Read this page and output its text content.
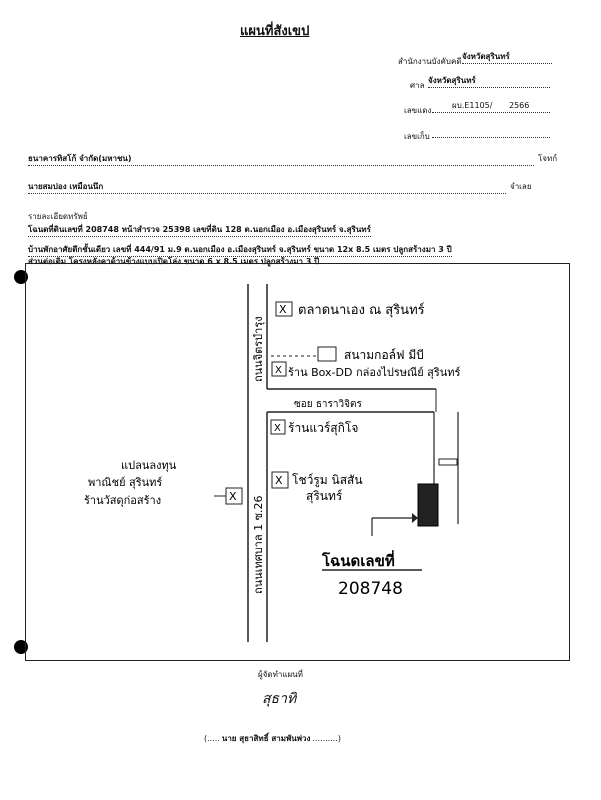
แผนที่สังเขป
สำนักงานบังคับคดี
จังหวัดสุรินทร์
ศาล
จังหวัดสุรินทร์
เลขแดง
ผบ.E1105/ 2566
เลขเก็บ
ธนาคารทิสโก้ จำกัด(มหาชน)	โจทก์
นายสมปอง เหมือนนึก	จำเลย
รายละเอียดทรัพย์
โฉนดที่ดินเลขที่ 208748 หน้าสำรวจ 25398 เลขที่ดิน 128 ต.นอกเมือง อ.เมืองสุรินทร์ จ.สุรินทร์
บ้านพักอาศัยตึกชั้นเดียว เลขที่ 444/91 ม.9 ต.นอกเมือง อ.เมืองสุรินทร์ จ.สุรินทร์ ขนาด 12x 8.5 เมตร ปลูกสร้างมา 3 ปี
ส่วนต่อเติม โครงหลังคาด้านข้างแบบเปิดโล่ง ขนาด 6 x 8.5 เมตร ปลูกสร้างมา 3 ปี
ถนนจิตรบำรุง
ถนนเทศบาล 1 ซ.26
X
X
X
X
X
ตลาดนาเอง ณ สุรินทร์
สนามกอล์ฟ มีบี
ร้าน Box-DD กล่องไปรษณีย์ สุรินทร์
ซอย ธาราวิจิตร
ร้านแวร์สุกิโจ
แปลนลงทุน
พาณิชย์ สุรินทร์
ร้านวัสดุก่อสร้าง
โชว์รูม นิสสัน
สุรินทร์
โฉนดเลขที่
208748
ผู้จัดทำแผนที่
สุธาทิ
(..... นาย สุธาสิทธิ์ สามพันพ่วง ..........)
